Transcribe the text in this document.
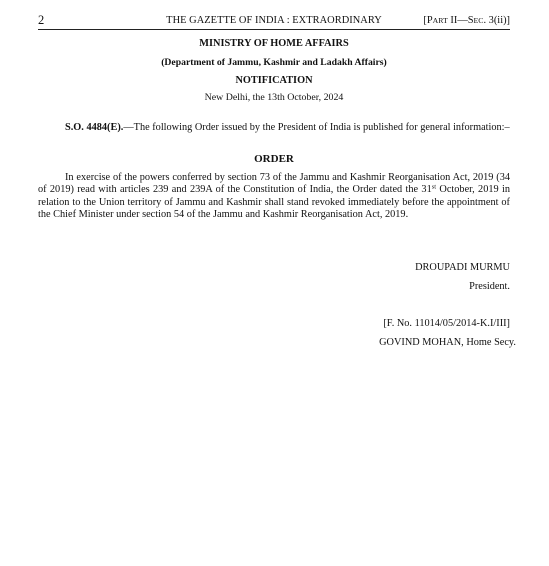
2	THE GAZETTE OF INDIA : EXTRAORDINARY	[PART II—SEC. 3(ii)]
MINISTRY OF HOME AFFAIRS
(Department of Jammu, Kashmir and Ladakh Affairs)
NOTIFICATION
New Delhi, the 13th October, 2024
S.O. 4484(E).—The following Order issued by the President of India is published for general information:–
ORDER
In exercise of the powers conferred by section 73 of the Jammu and Kashmir Reorganisation Act, 2019 (34 of 2019) read with articles 239 and 239A of the Constitution of India, the Order dated the 31st October, 2019 in relation to the Union territory of Jammu and Kashmir shall stand revoked immediately before the appointment of the Chief Minister under section 54 of the Jammu and Kashmir Reorganisation Act, 2019.
DROUPADI MURMU
President.
[F. No. 11014/05/2014-K.I/III]
GOVIND MOHAN, Home Secy.
